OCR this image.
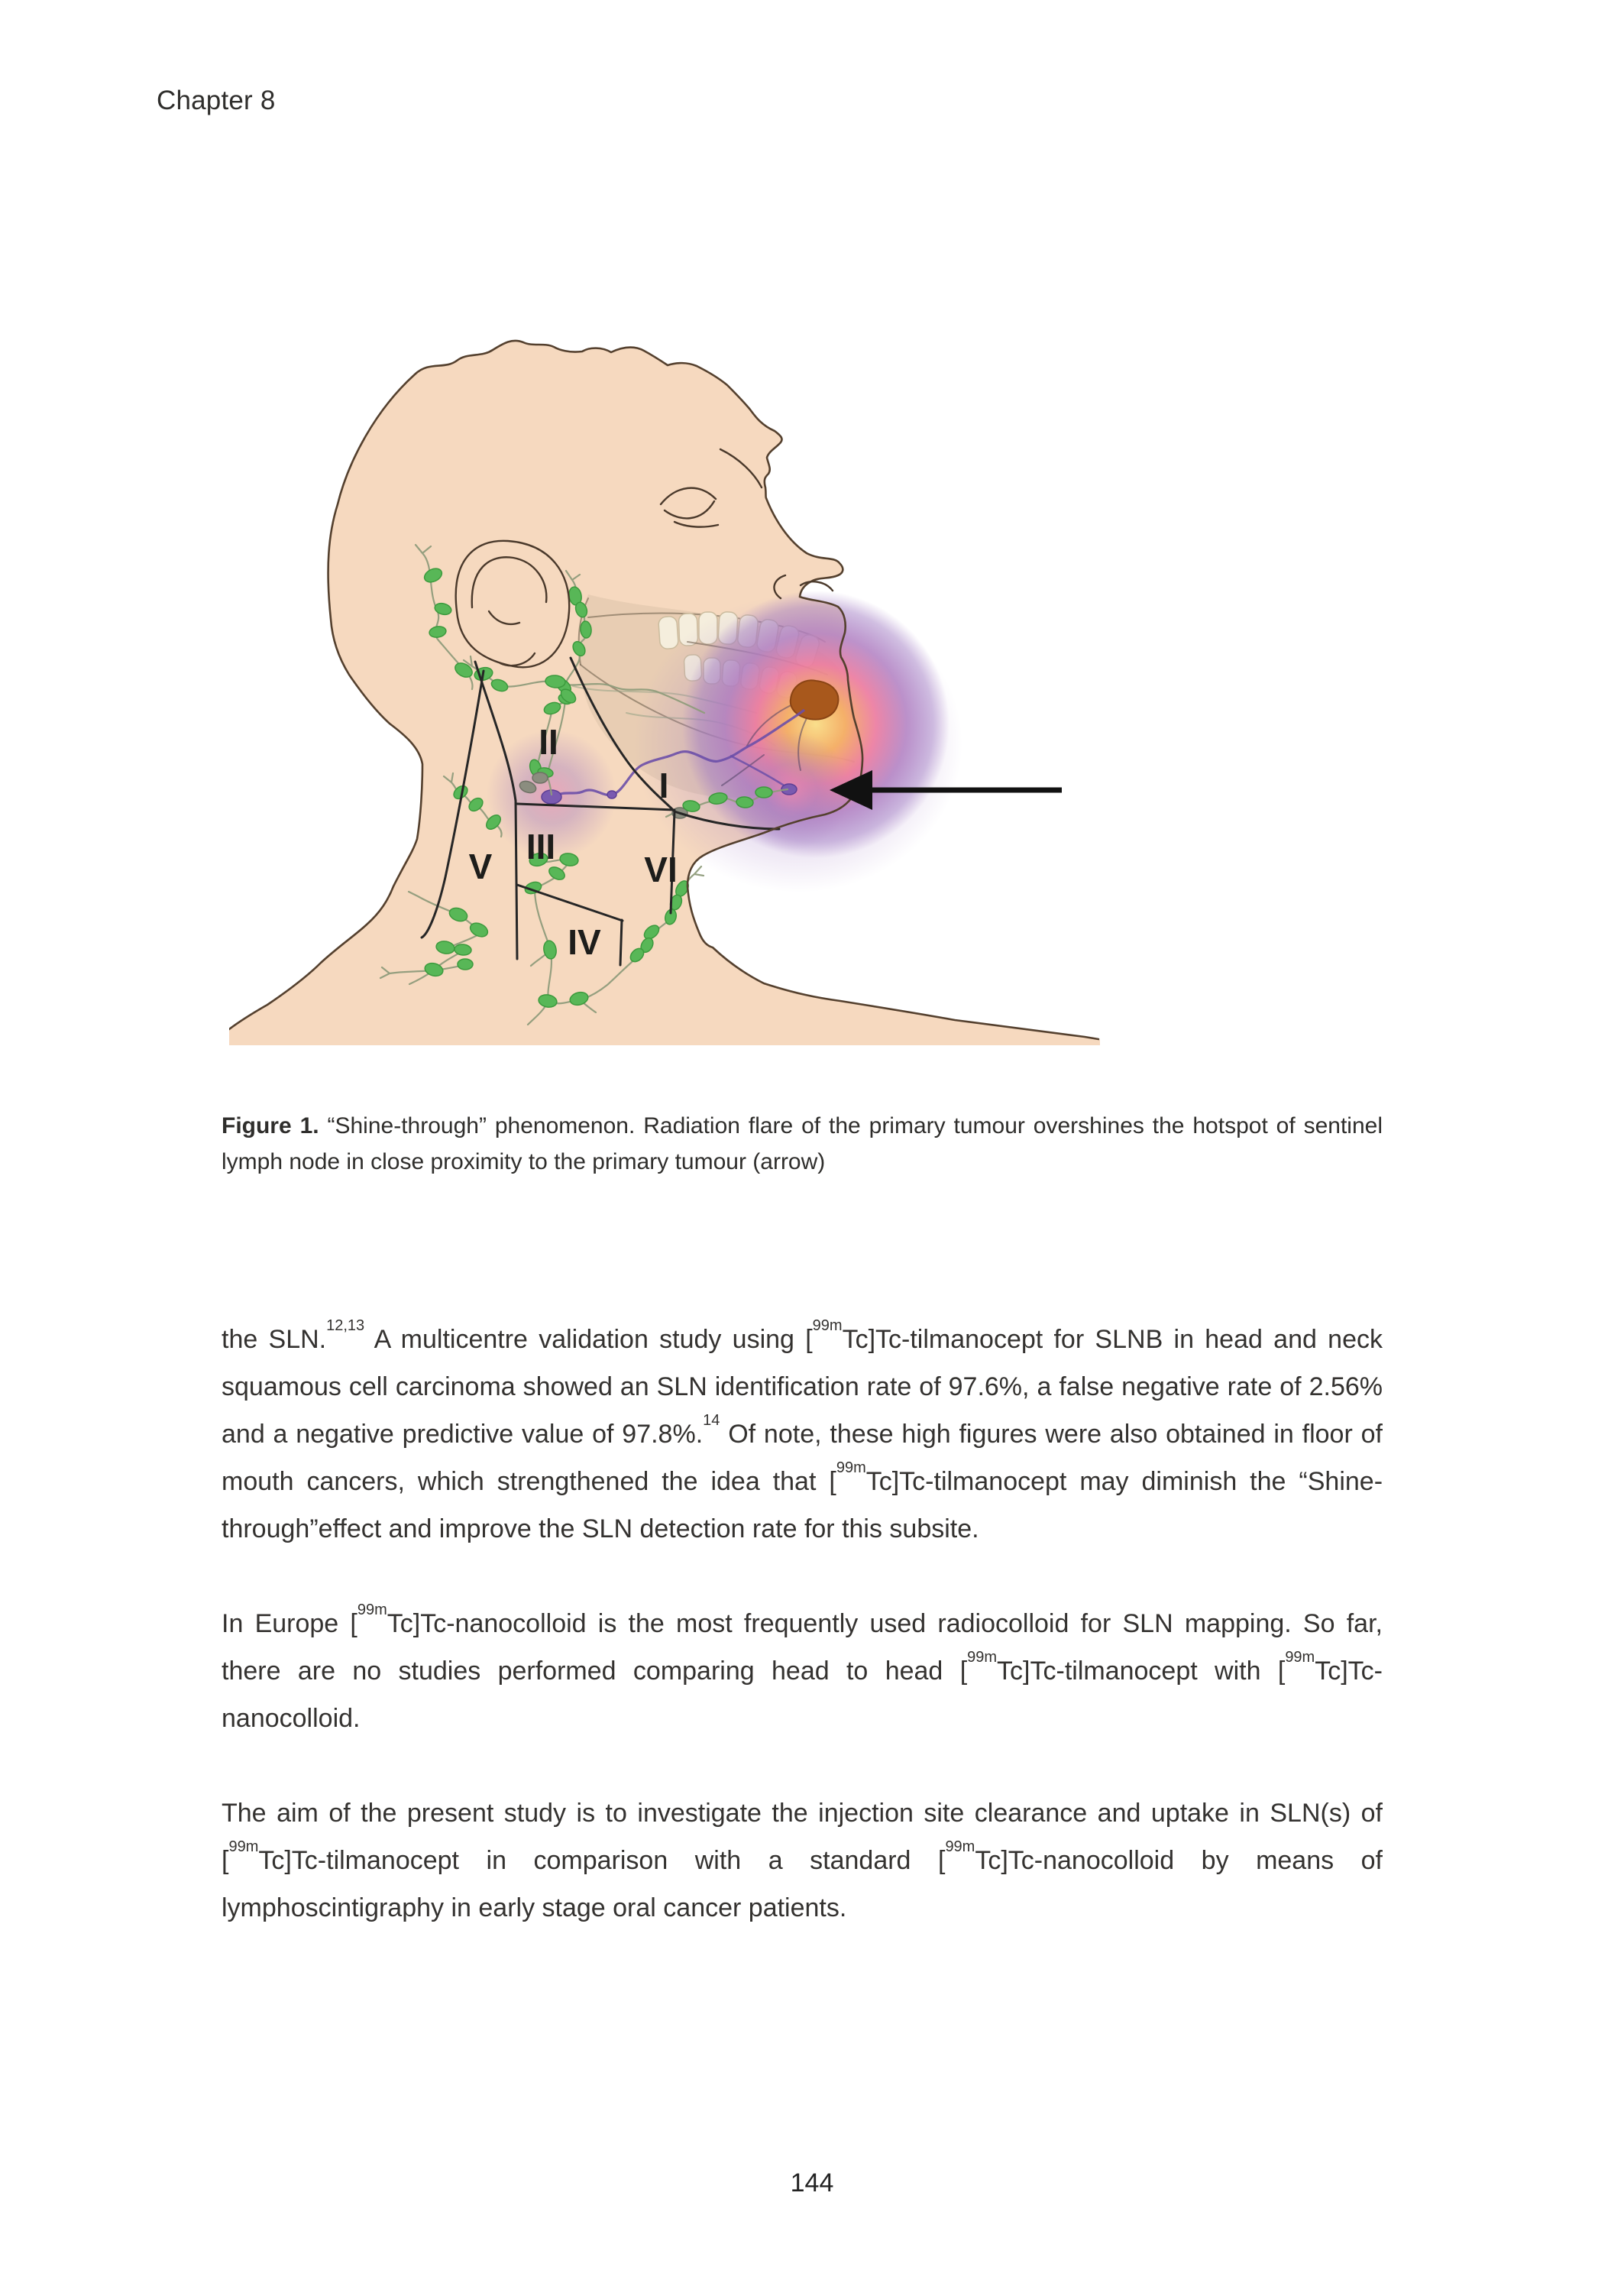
Chapter 8
II
I
III
V	VI
IV

Figure 1. “Shine-through” phenomenon. Radiation flare of the primary tumour overshines the hotspot of sentinel lymph node in close proximity to the primary tumour (arrow)

the SLN.$^{12,13}$ A multicentre validation study using [$^{99m}$Tc]Tc-tilmanocept for SLNB in head and neck squamous cell carcinoma showed an SLN identification rate of 97.6%, a false negative rate of 2.56% and a negative predictive value of 97.8%.$^{14}$ Of note, these high figures were also obtained in floor of mouth cancers, which strengthened the idea that [$^{99m}$Tc]Tc-tilmanocept may diminish the “Shine-through”effect and improve the SLN detection rate for this subsite.

In Europe [$^{99m}$Tc]Tc-nanocolloid is the most frequently used radiocolloid for SLN mapping. So far, there are no studies performed comparing head to head [$^{99m}$Tc]Tc-tilmanocept with [$^{99m}$Tc]Tc-nanocolloid.

The aim of the present study is to investigate the injection site clearance and uptake in SLN(s) of [$^{99m}$Tc]Tc-tilmanocept in comparison with a standard [$^{99m}$Tc]Tc-nanocolloid by means of lymphoscintigraphy in early stage oral cancer patients.

144
